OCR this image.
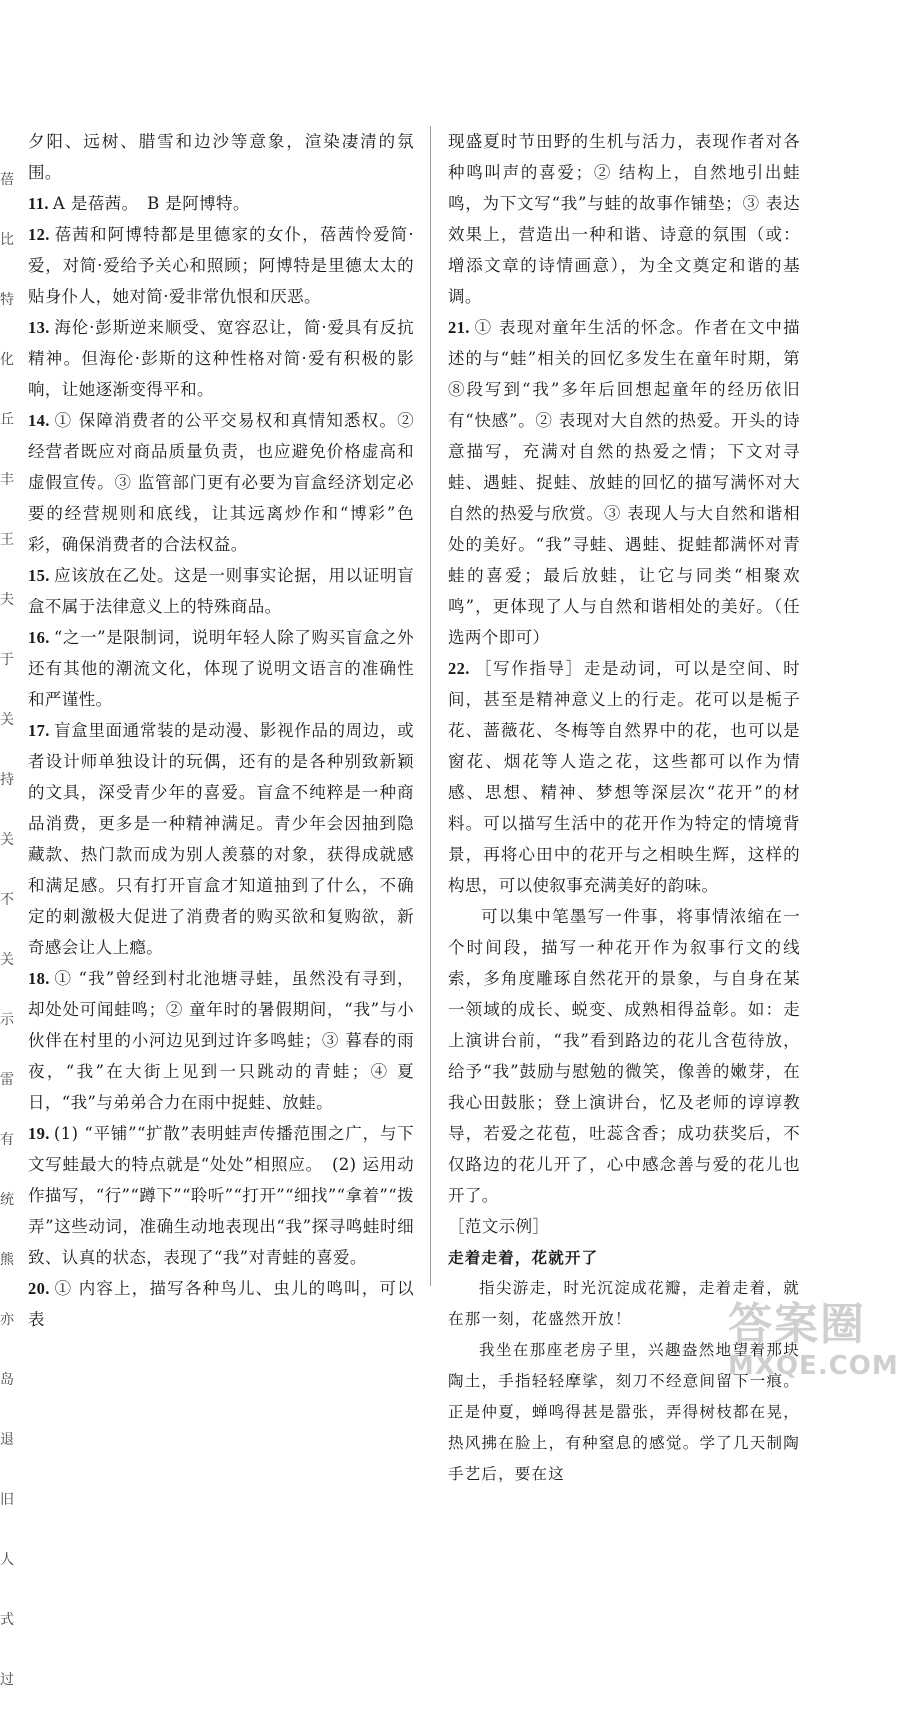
蓓
比
特
化
丘
丰
王
夫
于
关
持
关
不
关
示
雷
有
统
熊
亦
岛
退
旧
人
式
过

夕阳、远树、腊雪和边沙等意象，渲染凄清的氛围。

11. A 是蓓茜。　B 是阿博特。

12. 蓓茜和阿博特都是里德家的女仆，蓓茜怜爱简·爱，对简·爱给予关心和照顾；阿博特是里德太太的贴身仆人，她对简·爱非常仇恨和厌恶。

13. 海伦·彭斯逆来顺受、宽容忍让，简·爱具有反抗精神。但海伦·彭斯的这种性格对简·爱有积极的影响，让她逐渐变得平和。

14. ① 保障消费者的公平交易权和真情知悉权。② 经营者既应对商品质量负责，也应避免价格虚高和虚假宣传。③ 监管部门更有必要为盲盒经济划定必要的经营规则和底线，让其远离炒作和“博彩”色彩，确保消费者的合法权益。

15. 应该放在乙处。这是一则事实论据，用以证明盲盒不属于法律意义上的特殊商品。

16. “之一”是限制词，说明年轻人除了购买盲盒之外还有其他的潮流文化，体现了说明文语言的准确性和严谨性。

17. 盲盒里面通常装的是动漫、影视作品的周边，或者设计师单独设计的玩偶，还有的是各种别致新颖的文具，深受青少年的喜爱。盲盒不纯粹是一种商品消费，更多是一种精神满足。青少年会因抽到隐藏款、热门款而成为别人羡慕的对象，获得成就感和满足感。只有打开盲盒才知道抽到了什么，不确定的刺激极大促进了消费者的购买欲和复购欲，新奇感会让人上瘾。

18. ① “我”曾经到村北池塘寻蛙，虽然没有寻到，却处处可闻蛙鸣；② 童年时的暑假期间，“我”与小伙伴在村里的小河边见到过许多鸣蛙；③ 暮春的雨夜，“我”在大街上见到一只跳动的青蛙；④ 夏日，“我”与弟弟合力在雨中捉蛙、放蛙。

19. (1) “平铺”“扩散”表明蛙声传播范围之广，与下文写蛙最大的特点就是“处处”相照应。　(2) 运用动作描写，“行”“蹲下”“聆听”“打开”“细找”“拿着”“拨弄”这些动词，准确生动地表现出“我”探寻鸣蛙时细致、认真的状态，表现了“我”对青蛙的喜爱。

20. ① 内容上，描写各种鸟儿、虫儿的鸣叫，可以表

现盛夏时节田野的生机与活力，表现作者对各种鸣叫声的喜爱；② 结构上，自然地引出蛙鸣，为下文写“我”与蛙的故事作铺垫；③ 表达效果上，营造出一种和谐、诗意的氛围（或：增添文章的诗情画意），为全文奠定和谐的基调。

21. ① 表现对童年生活的怀念。作者在文中描述的与“蛙”相关的回忆多发生在童年时期，第⑧段写到“我”多年后回想起童年的经历依旧有“快感”。② 表现对大自然的热爱。开头的诗意描写，充满对自然的热爱之情；下文对寻蛙、遇蛙、捉蛙、放蛙的回忆的描写满怀对大自然的热爱与欣赏。③ 表现人与大自然和谐相处的美好。“我”寻蛙、遇蛙、捉蛙都满怀对青蛙的喜爱；最后放蛙，让它与同类“相聚欢鸣”，更体现了人与自然和谐相处的美好。（任选两个即可）

22. ［写作指导］走是动词，可以是空间、时间，甚至是精神意义上的行走。花可以是栀子花、蔷薇花、冬梅等自然界中的花，也可以是窗花、烟花等人造之花，这些都可以作为情感、思想、精神、梦想等深层次“花开”的材料。可以描写生活中的花开作为特定的情境背景，再将心田中的花开与之相映生辉，这样的构思，可以使叙事充满美好的韵味。

可以集中笔墨写一件事，将事情浓缩在一个时间段，描写一种花开作为叙事行文的线索，多角度雕琢自然花开的景象，与自身在某一领域的成长、蜕变、成熟相得益彰。如：走上演讲台前，“我”看到路边的花儿含苞待放，给予“我”鼓励与慰勉的微笑，像善的嫩芽，在我心田鼓胀；登上演讲台，忆及老师的谆谆教导，若爱之花苞，吐蕊含香；成功获奖后，不仅路边的花儿开了，心中感念善与爱的花儿也开了。

［范文示例］

走着走着，花就开了

指尖游走，时光沉淀成花瓣，走着走着，就在那一刻，花盛然开放！

我坐在那座老房子里，兴趣盎然地望着那块陶土，手指轻轻摩挲，刻刀不经意间留下一痕。正是仲夏，蝉鸣得甚是嚣张，弄得树枝都在晃，热风拂在脸上，有种窒息的感觉。学了几天制陶手艺后，要在这

答案圈
MXQE.COM
